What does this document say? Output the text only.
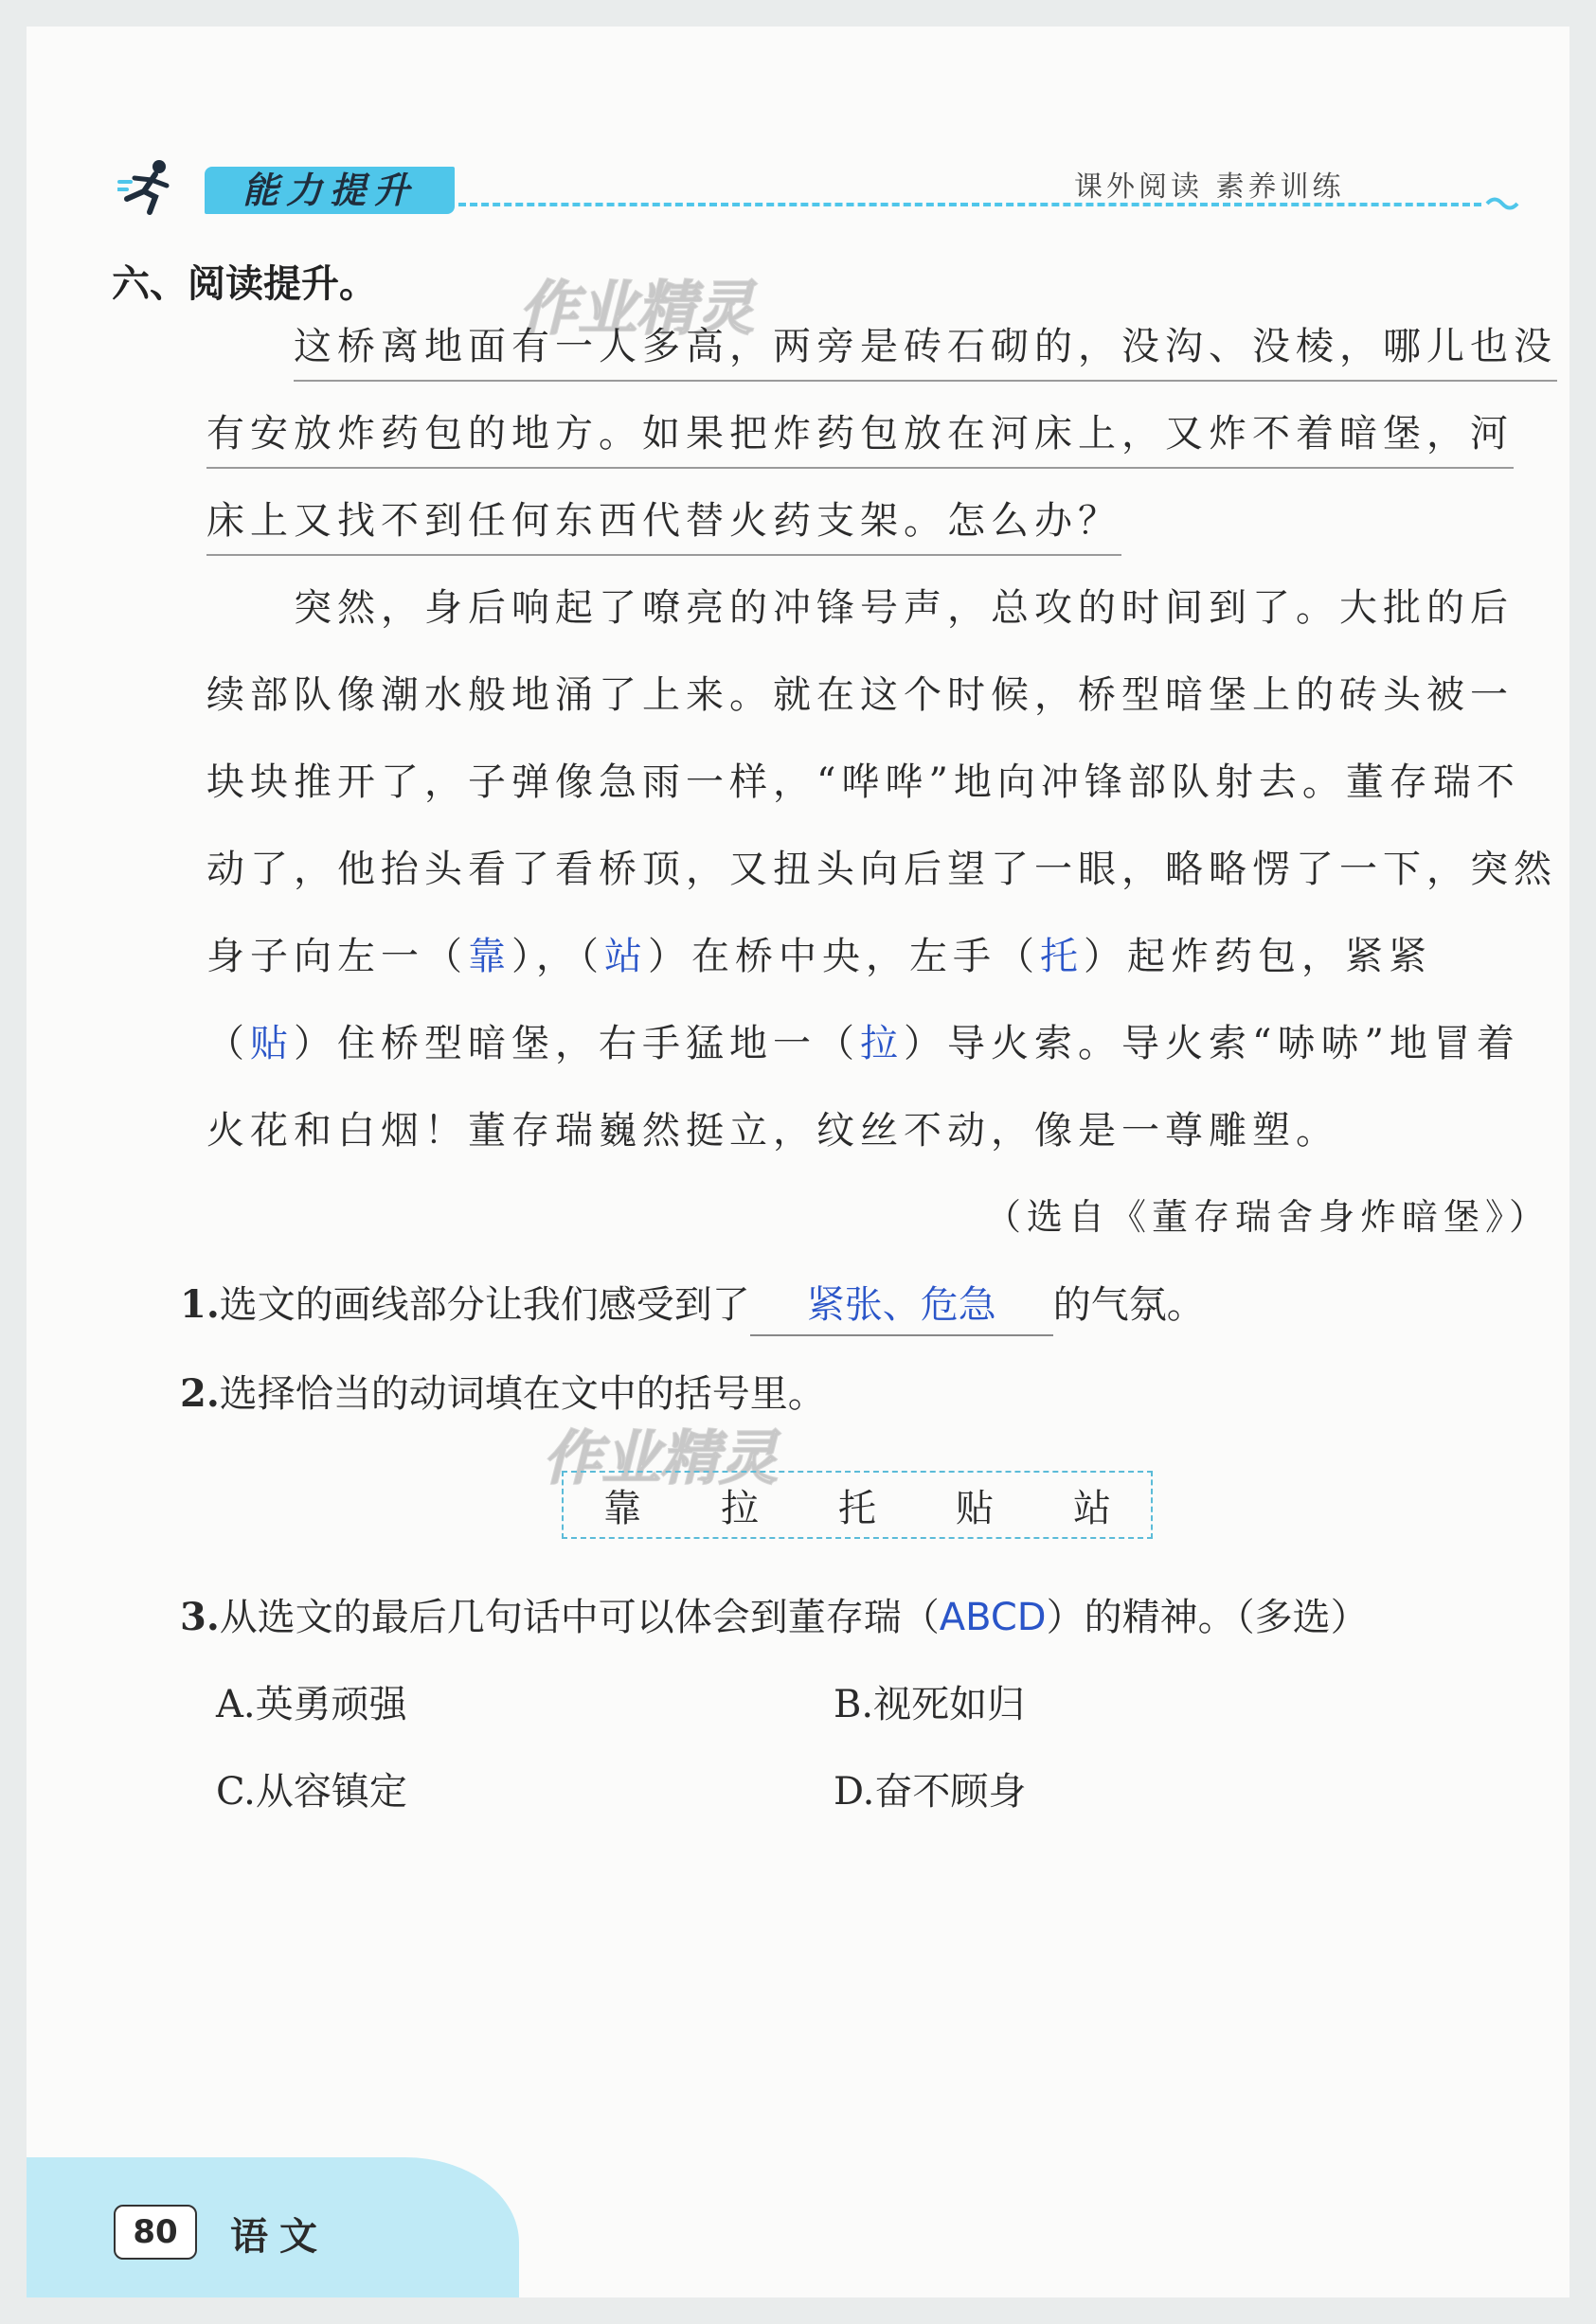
能力提升	课外阅读 素养训练
六、阅读提升。 作业精灵
作业精灵
这桥离地面有一人多高，两旁是砖石砌的，没沟、没棱，哪儿也没
有安放炸药包的地方。如果把炸药包放在河床上，又炸不着暗堡，河
床上又找不到任何东西代替火药支架。怎么办？
突然，身后响起了嘹亮的冲锋号声，总攻的时间到了。大批的后
续部队像潮水般地涌了上来。就在这个时候，桥型暗堡上的砖头被一
块块推开了，子弹像急雨一样，“哗哗”地向冲锋部队射去。董存瑞不
动了，他抬头看了看桥顶，又扭头向后望了一眼，略略愣了一下，突然
身子向左一（靠），（站）在桥中央，左手（托）起炸药包，紧紧
（贴）住桥型暗堡，右手猛地一（拉）导火索。导火索“哧哧”地冒着
火花和白烟！董存瑞巍然挺立，纹丝不动，像是一尊雕塑。
（选自《董存瑞舍身炸暗堡》）
1.选文的画线部分让我们感受到了 紧张、危急 的气氛。
2.选择恰当的动词填在文中的括号里。
靠 拉 托 贴 站
3.从选文的最后几句话中可以体会到董存瑞（ABCD）的精神。（多选）
A.英勇顽强	B.视死如归
C.从容镇定	D.奋不顾身
80	语文
